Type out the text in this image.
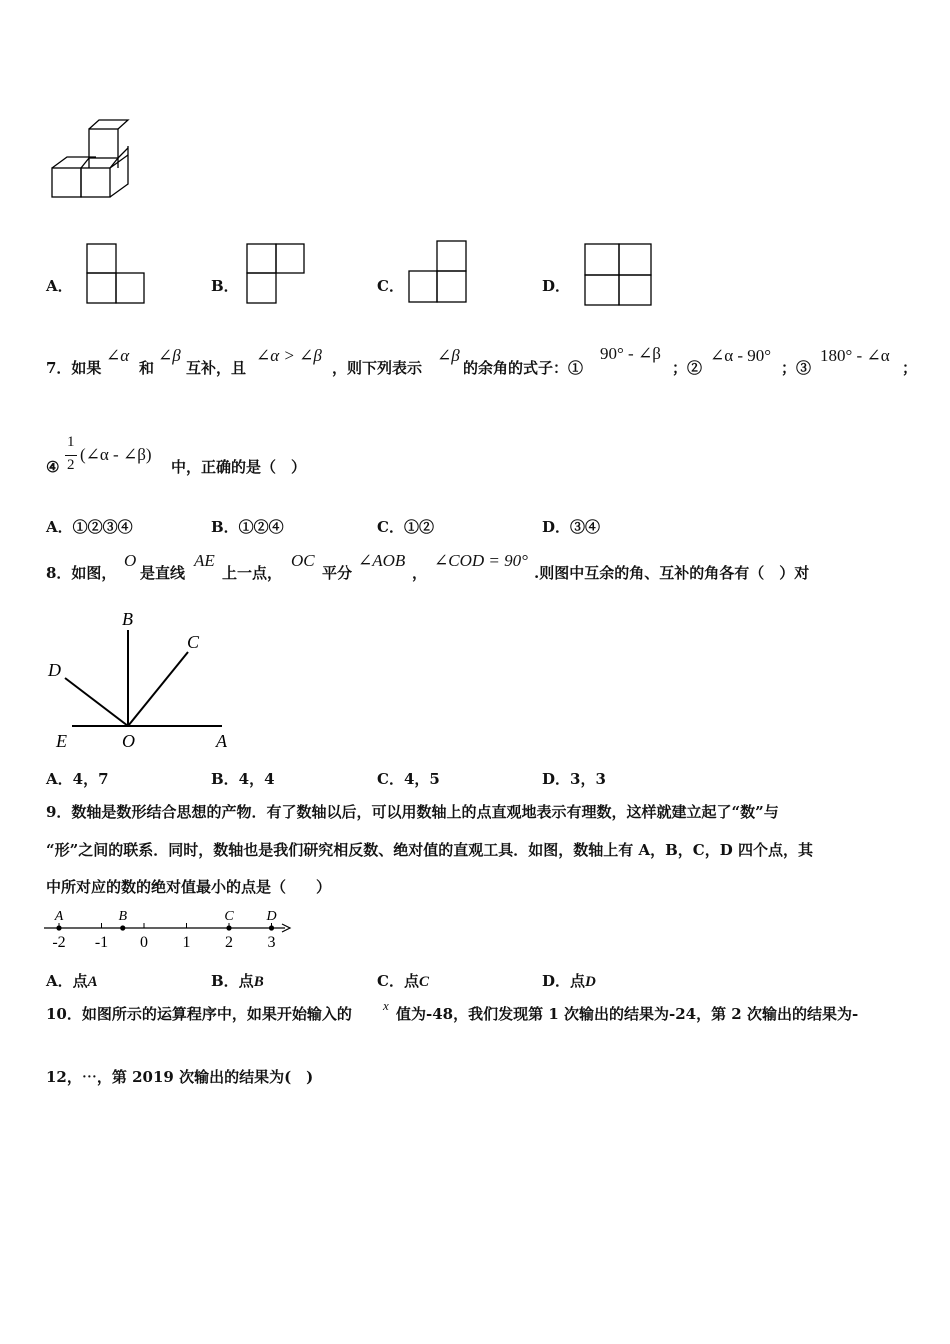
A．	B．	C．	D．
7．如果
∠α
和
∠β
互补，且
∠α > ∠β
，则下列表示
∠β
的余角的式子：①
90° - ∠β
；②
∠α - 90°
；③
180° - ∠α
；
④
1
2
(∠α - ∠β)
中，正确的是（　）
A．①②③④	B．①②④	C．①②	D．③④
8．如图，
O
是直线
AE
上一点，
OC
平分
∠AOB
，
∠COD = 90°
.则图中互余的角、互补的角各有（　）对
B
C
D
E	O	A
A．4，7	B．4，4	C．4，5	D．3，3
9．数轴是数形结合思想的产物．有了数轴以后，可以用数轴上的点直观地表示有理数，这样就建立起了“数”与
“形”之间的联系．同时，数轴也是我们研究相反数、绝对值的直观工具．如图，数轴上有 A，B，C，D 四个点，其
中所对应的数的绝对值最小的点是（　　）
-2 -1 0 1 2 3
A	B	C D
A．点A	B．点B	C．点C	D．点D
10．如图所示的运算程序中，如果开始输入的 x 值为-48，我们发现第 1 次输出的结果为-24，第 2 次输出的结果为-
12，⋯，第 2019 次输出的结果为(　)
